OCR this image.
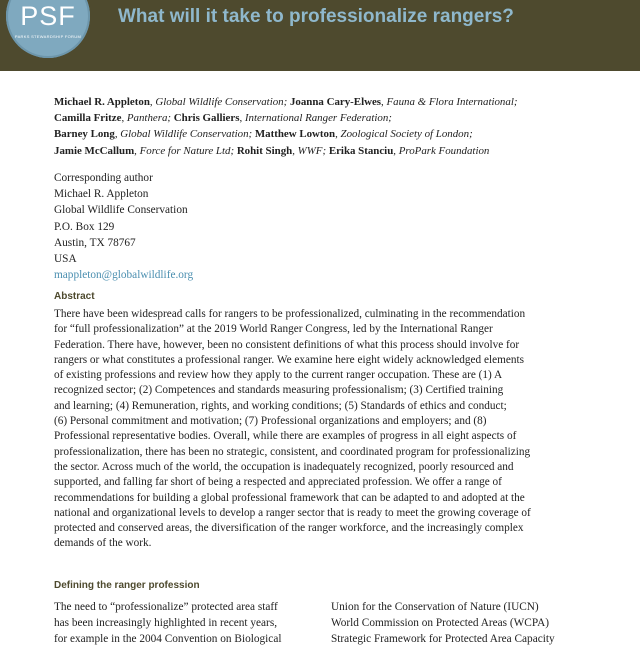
PSF
PARKS STEWARDSHIP FORUM
What will it take to professionalize rangers?
Michael R. Appleton, Global Wildlife Conservation; Joanna Cary-Elwes, Fauna & Flora International;
Camilla Fritze, Panthera; Chris Galliers, International Ranger Federation;
Barney Long, Global Wildlife Conservation; Matthew Lowton, Zoological Society of London;
Jamie McCallum, Force for Nature Ltd; Rohit Singh, WWF; Erika Stanciu, ProPark Foundation
Corresponding author
Michael R. Appleton
Global Wildlife Conservation
P.O. Box 129
Austin, TX 78767
USA
mappleton@globalwildlife.org
Abstract
There have been widespread calls for rangers to be professionalized, culminating in the recommendation
for “full professionalization” at the 2019 World Ranger Congress, led by the International Ranger
Federation. There have, however, been no consistent definitions of what this process should involve for
rangers or what constitutes a professional ranger. We examine here eight widely acknowledged elements
of existing professions and review how they apply to the current ranger occupation. These are (1) A
recognized sector; (2) Competences and standards measuring professionalism; (3) Certified training
and learning; (4) Remuneration, rights, and working conditions; (5) Standards of ethics and conduct;
(6) Personal commitment and motivation; (7) Professional organizations and employers; and (8)
Professional representative bodies. Overall, while there are examples of progress in all eight aspects of
professionalization, there has been no strategic, consistent, and coordinated program for professionalizing
the sector. Across much of the world, the occupation is inadequately recognized, poorly resourced and
supported, and falling far short of being a respected and appreciated profession. We offer a range of
recommendations for building a global professional framework that can be adapted to and adopted at the
national and organizational levels to develop a ranger sector that is ready to meet the growing coverage of
protected and conserved areas, the diversification of the ranger workforce, and the increasingly complex
demands of the work.
Defining the ranger profession
The need to “professionalize” protected area staff
has been increasingly highlighted in recent years,
for example in the 2004 Convention on Biological
Union for the Conservation of Nature (IUCN)
World Commission on Protected Areas (WCPA)
Strategic Framework for Protected Area Capacity
